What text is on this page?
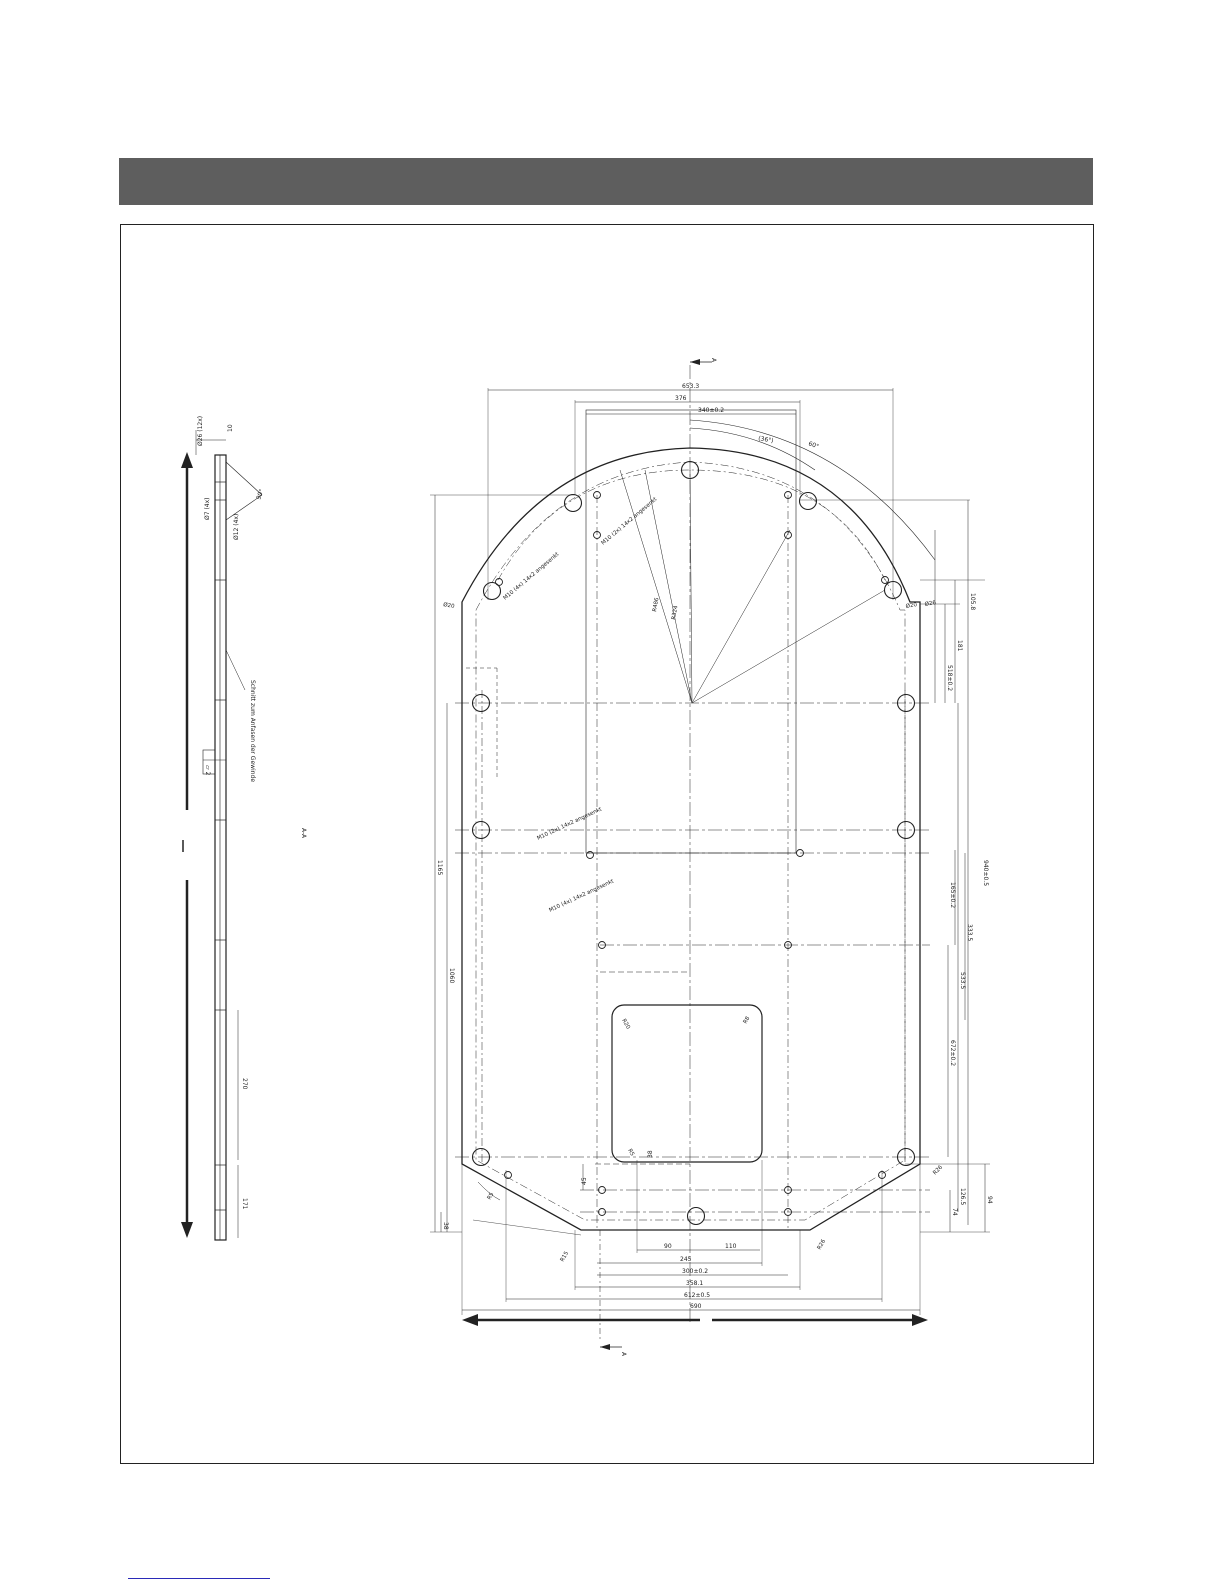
Ø26 (12x)	10
Ø7 (4x)
Ø12 (4x)
90°
Schnitt zum Anfasen der Gewinde
⏥ 2
270
171
A-A
A
A
653.3
376
340±0.2
(36°)
60°
R486
R324
Ø20	Ø26
Ø20
R20	R8
R5
R26
R26
R15
R5
M10 (2x) 14x2 angesenkt
M10 (4x) 14x2 angesenkt
M10 (2x) 14x2 angesenkt
M10 (4x) 14x2 angesenkt
105.8
181
518±0.2
940±0.5
165±0.2
333.5
533.5
672±0.2
126.5
74
94
1165
1060
38
45
38
90	110
245
300±0.2
358.1
612±0.5
690
